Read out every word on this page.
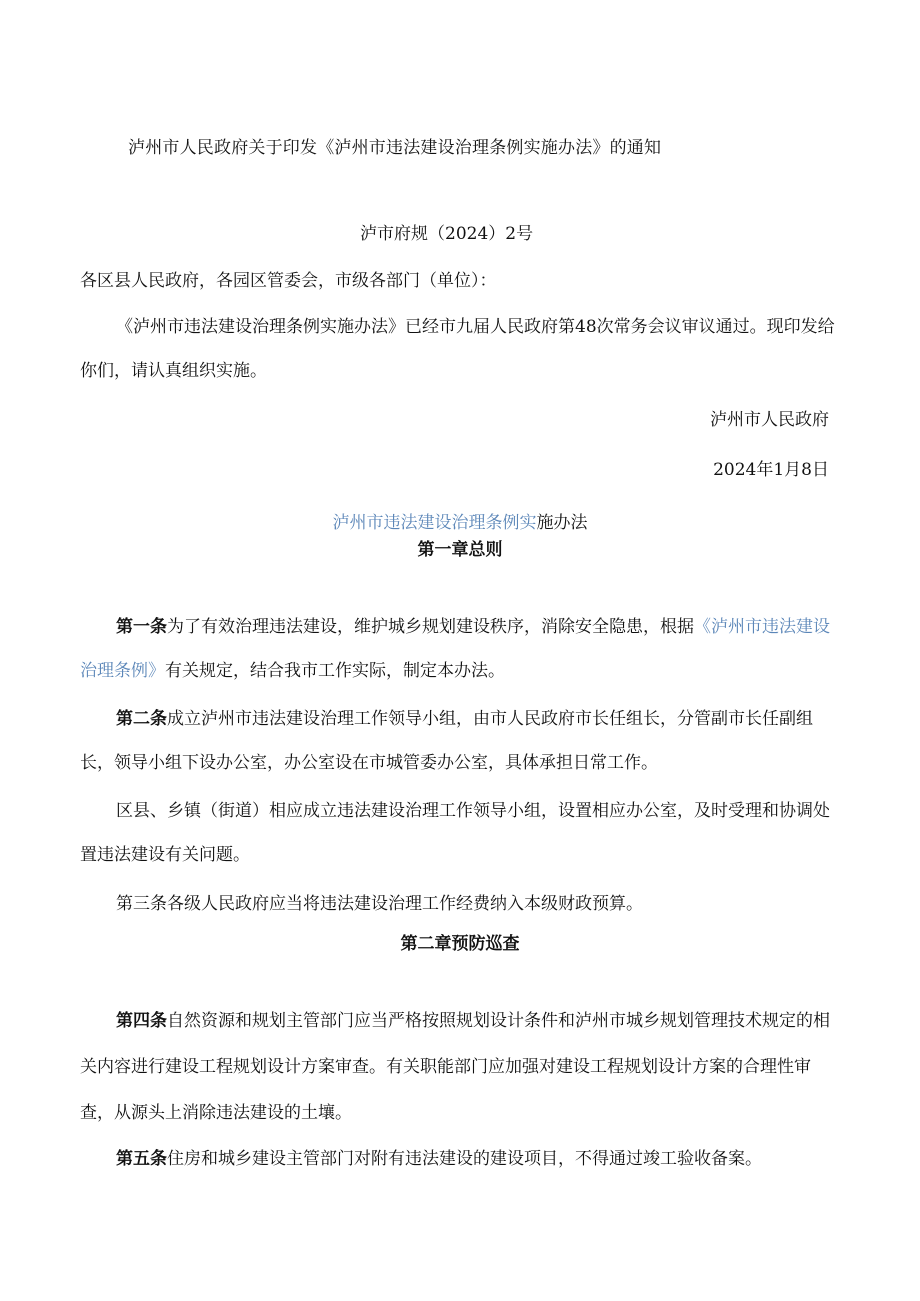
泸州市人民政府关于印发《泸州市违法建设治理条例实施办法》的通知
泸市府规（2024）2号
各区县人民政府，各园区管委会，市级各部门（单位）：
《泸州市违法建设治理条例实施办法》已经市九届人民政府第48次常务会议审议通过。现印发给你们，请认真组织实施。
泸州市人民政府
2024年1月8日
泸州市违法建设治理条例实施办法
第一章总则
第一条为了有效治理违法建设，维护城乡规划建设秩序，消除安全隐患，根据《泸州市违法建设治理条例》有关规定，结合我市工作实际，制定本办法。
第二条成立泸州市违法建设治理工作领导小组，由市人民政府市长任组长，分管副市长任副组长，领导小组下设办公室，办公室设在市城管委办公室，具体承担日常工作。
区县、乡镇（街道）相应成立违法建设治理工作领导小组，设置相应办公室，及时受理和协调处置违法建设有关问题。
第三条各级人民政府应当将违法建设治理工作经费纳入本级财政预算。
第二章预防巡查
第四条自然资源和规划主管部门应当严格按照规划设计条件和泸州市城乡规划管理技术规定的相关内容进行建设工程规划设计方案审查。有关职能部门应加强对建设工程规划设计方案的合理性审查，从源头上消除违法建设的土壤。
第五条住房和城乡建设主管部门对附有违法建设的建设项目，不得通过竣工验收备案。
